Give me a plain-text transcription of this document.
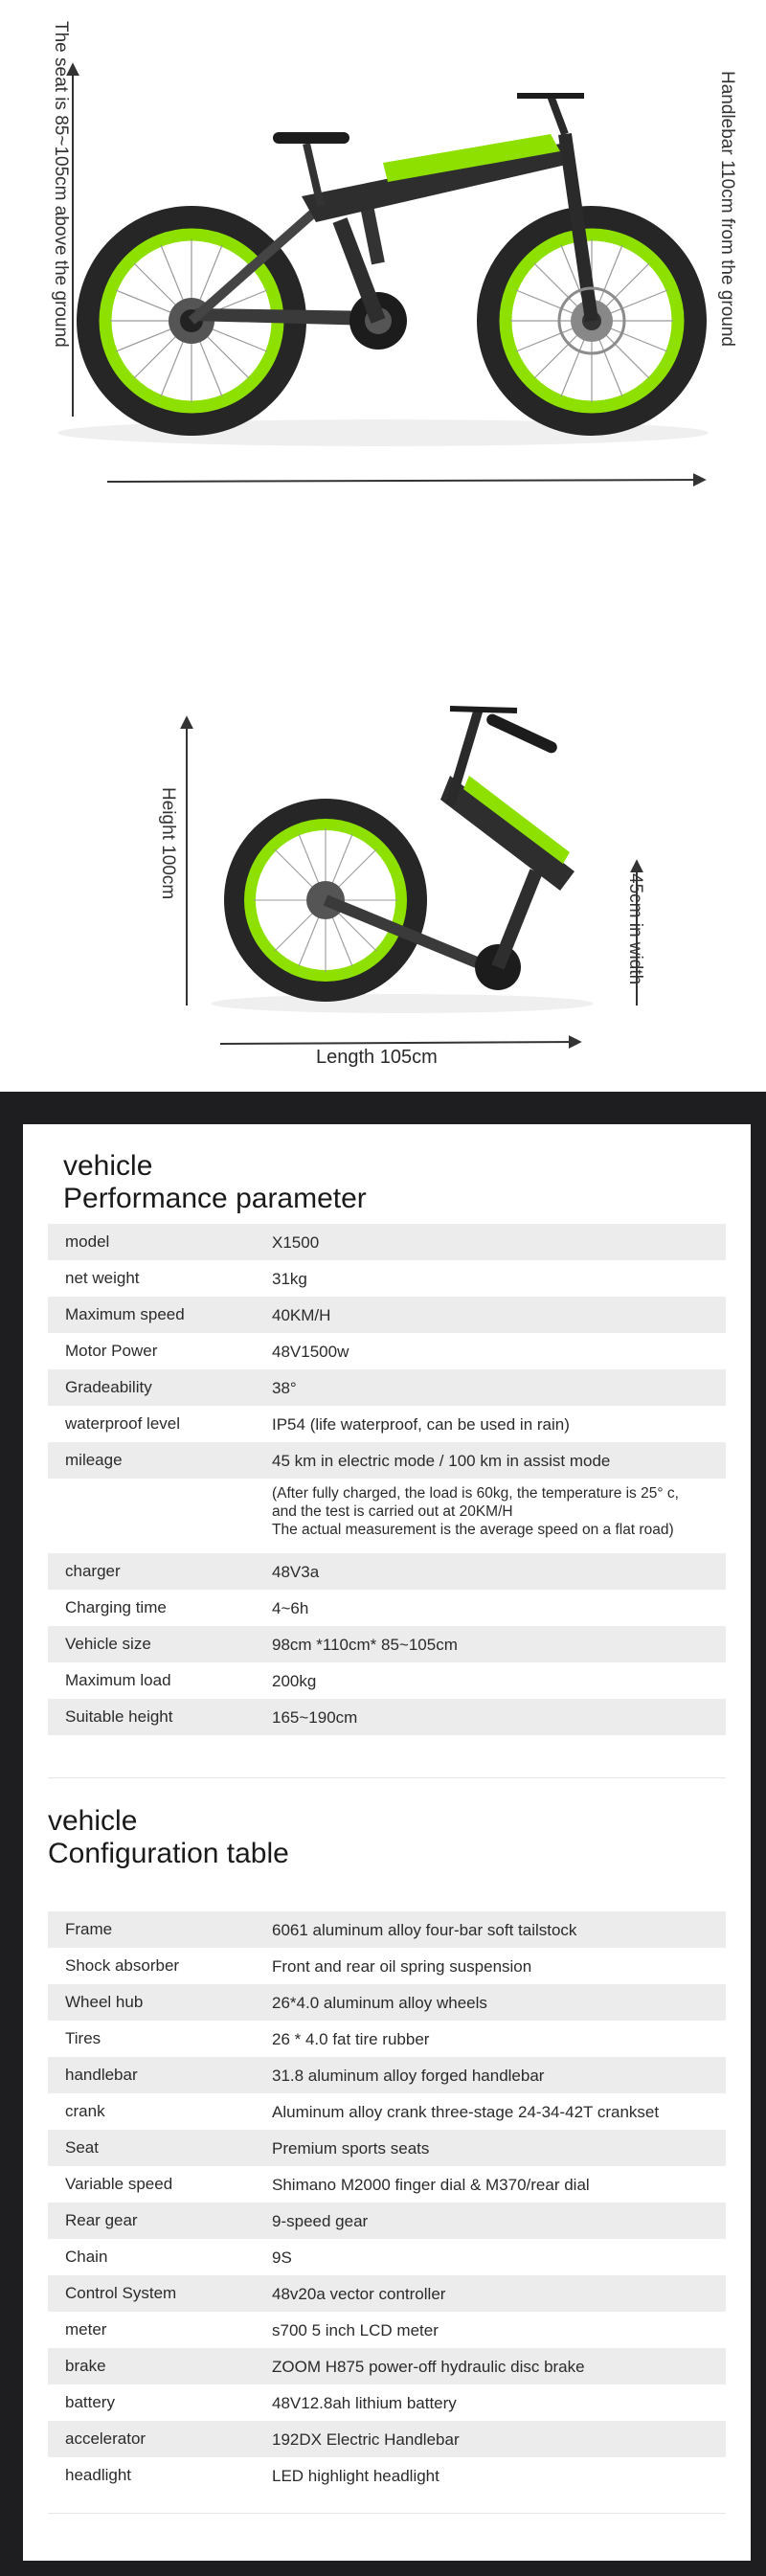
The seat is 85~105cm above the ground	Handlebar 110cm from the ground
Height 100cm
45cm in width
Length 105cm
vehicle
Performance parameter
model	X1500
net weight	31kg
Maximum speed	40KM/H
Motor Power	48V1500w
Gradeability	38°
waterproof level	IP54 (life waterproof, can be used in rain)
mileage	45 km in electric mode / 100 km in assist mode
(After fully charged, the load is 60kg, the temperature is 25° c,
and the test is carried out at 20KM/H
The actual measurement is the average speed on a flat road)
charger	48V3a
Charging time	4~6h
Vehicle size	98cm *110cm* 85~105cm
Maximum load	200kg
Suitable height	165~190cm
vehicle
Configuration table
Frame	6061 aluminum alloy four-bar soft tailstock
Shock absorber	Front and rear oil spring suspension
Wheel hub	26*4.0 aluminum alloy wheels
Tires	26 * 4.0 fat tire rubber
handlebar	31.8 aluminum alloy forged handlebar
crank	Aluminum alloy crank three-stage 24-34-42T crankset
Seat	Premium sports seats
Variable speed	Shimano M2000 finger dial & M370/rear dial
Rear gear	9-speed gear
Chain	9S
Control System	48v20a vector controller
meter	s700 5 inch LCD meter
brake	ZOOM H875 power-off hydraulic disc brake
battery	48V12.8ah lithium battery
accelerator	192DX Electric Handlebar
headlight	LED highlight headlight
